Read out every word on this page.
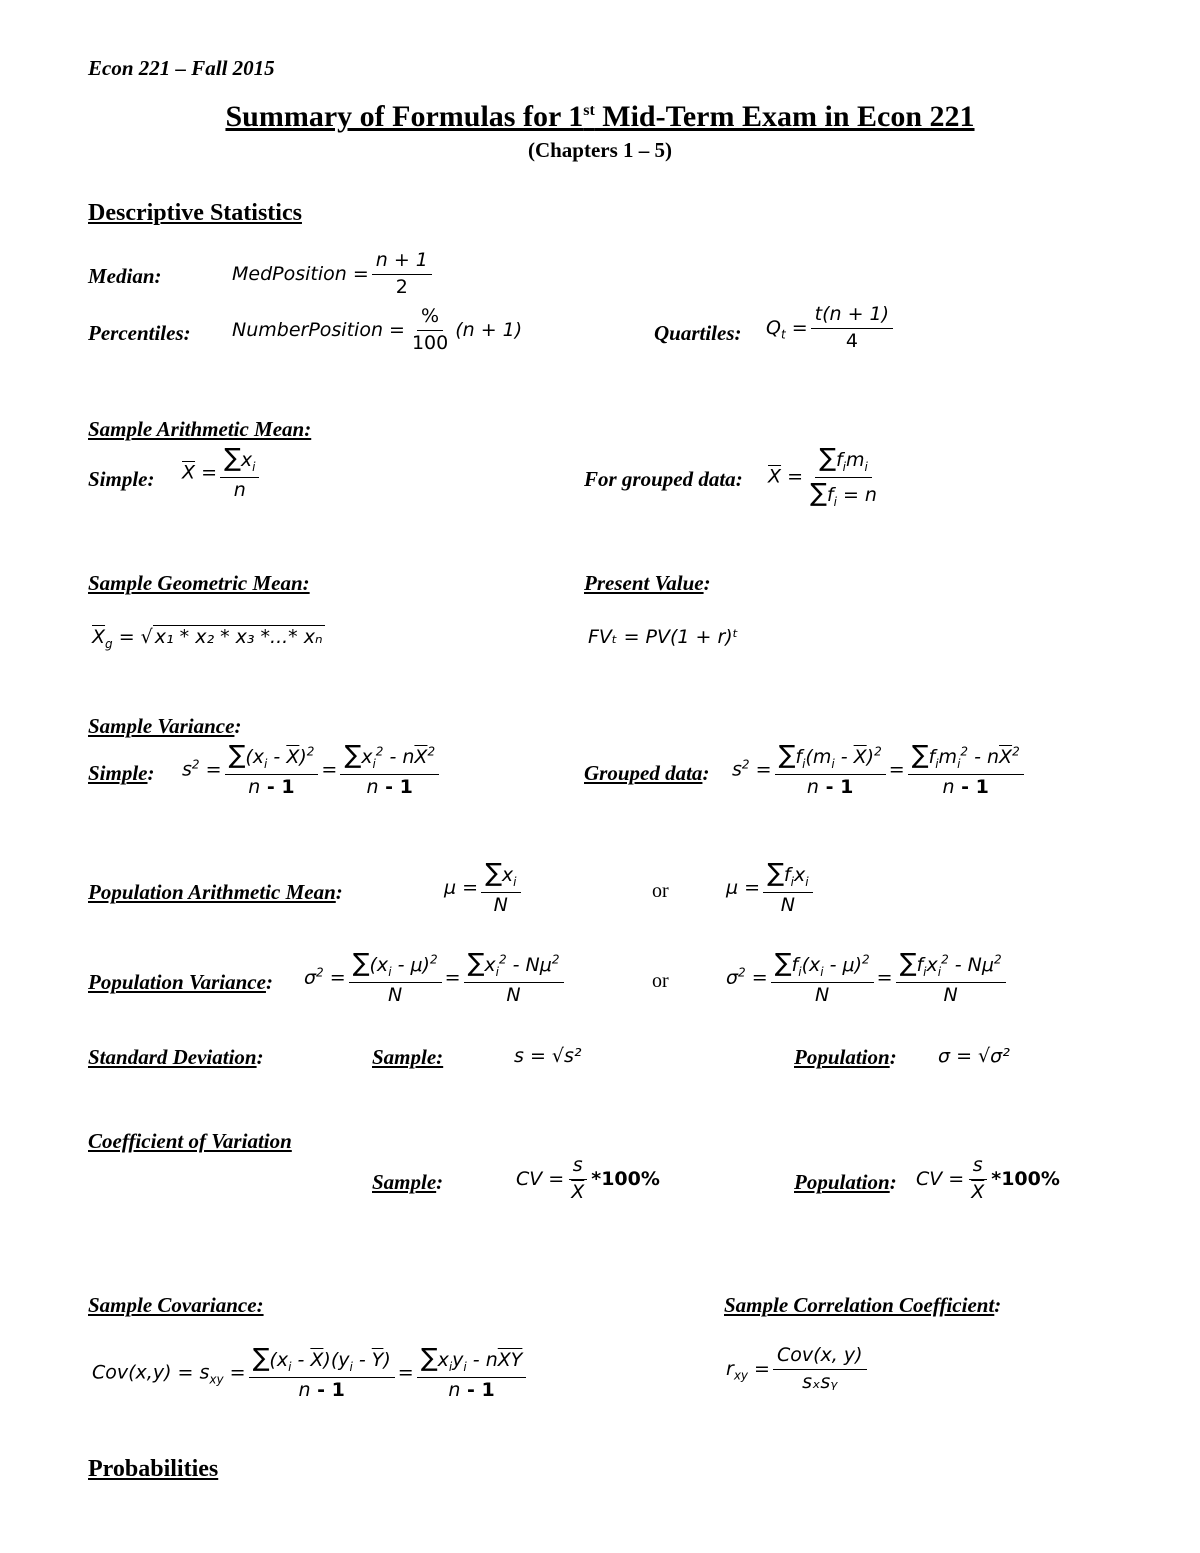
Econ 221 – Fall 2015
Summary of Formulas for 1st Mid-Term Exam in Econ 221
(Chapters 1 – 5)
Descriptive Statistics
Median:	MedPosition = $\frac{n + 1}{2}$
Percentiles: NumberPosition = $\frac{\%}{100} (n + 1)$	Quartiles: $Q_t = \frac{t(n + 1)}{4}$
Sample Arithmetic Mean:
Simple: $\overline{X} = \frac{\sum x_i}{n}$	For grouped data: $\overline{X} = \frac{\sum f_im_i}{\sum f_i = n}$
Sample Geometric Mean:
$\overline{X}_g$ = √ x₁ * x₂ * x₃ *...* xₙ
Present Value:
FVₜ = PV(1 + r)ᵗ
Sample Variance:
Simple: $s^2 = \frac{\sum(x_i - \overline{X})^2}{n - 1} = \frac{\sum x_i^2 - n\overline{X}^2}{n - 1}$	Grouped data: $s^2 = \frac{\sum f_i(m_i - \overline{X})^2}{n - 1} = \frac{\sum f_im_i^2 - n\overline{X}^2}{n - 1}$
Population Arithmetic Mean:	$\mu = \frac{\sum x_i}{N}$	or	$\mu = \frac{\sum f_ix_i}{N}$
Population Variance: $\sigma^2 = \frac{\sum(x_i - \mu)^2}{N} = \frac{\sum x_i^2 - N\mu^2}{N}$	or	$\sigma^2 = \frac{\sum f_i(x_i - \mu)^2}{N} = \frac{\sum f_ix_i^2 - N\mu^2}{N}$
Standard Deviation:	Sample:	s = √s²	Population: σ = √σ²
Coefficient of Variation
Sample:	CV = $\frac{s}{X} *100\%$	Population: CV = $\frac{s}{X} *100\%$
Sample Covariance:
$Cov(x,y) = s_{xy} = \frac{\sum(x_i - \overline{X})(y_i - \overline{Y})}{n - 1} = \frac{\sum x_iy_i - n\overline{XY}}{n - 1}$
Sample Correlation Coefficient:
$r_{xy} = \frac{\text{Cov(x, y)}}{\text{sₓsᵧ}}$
Probabilities
